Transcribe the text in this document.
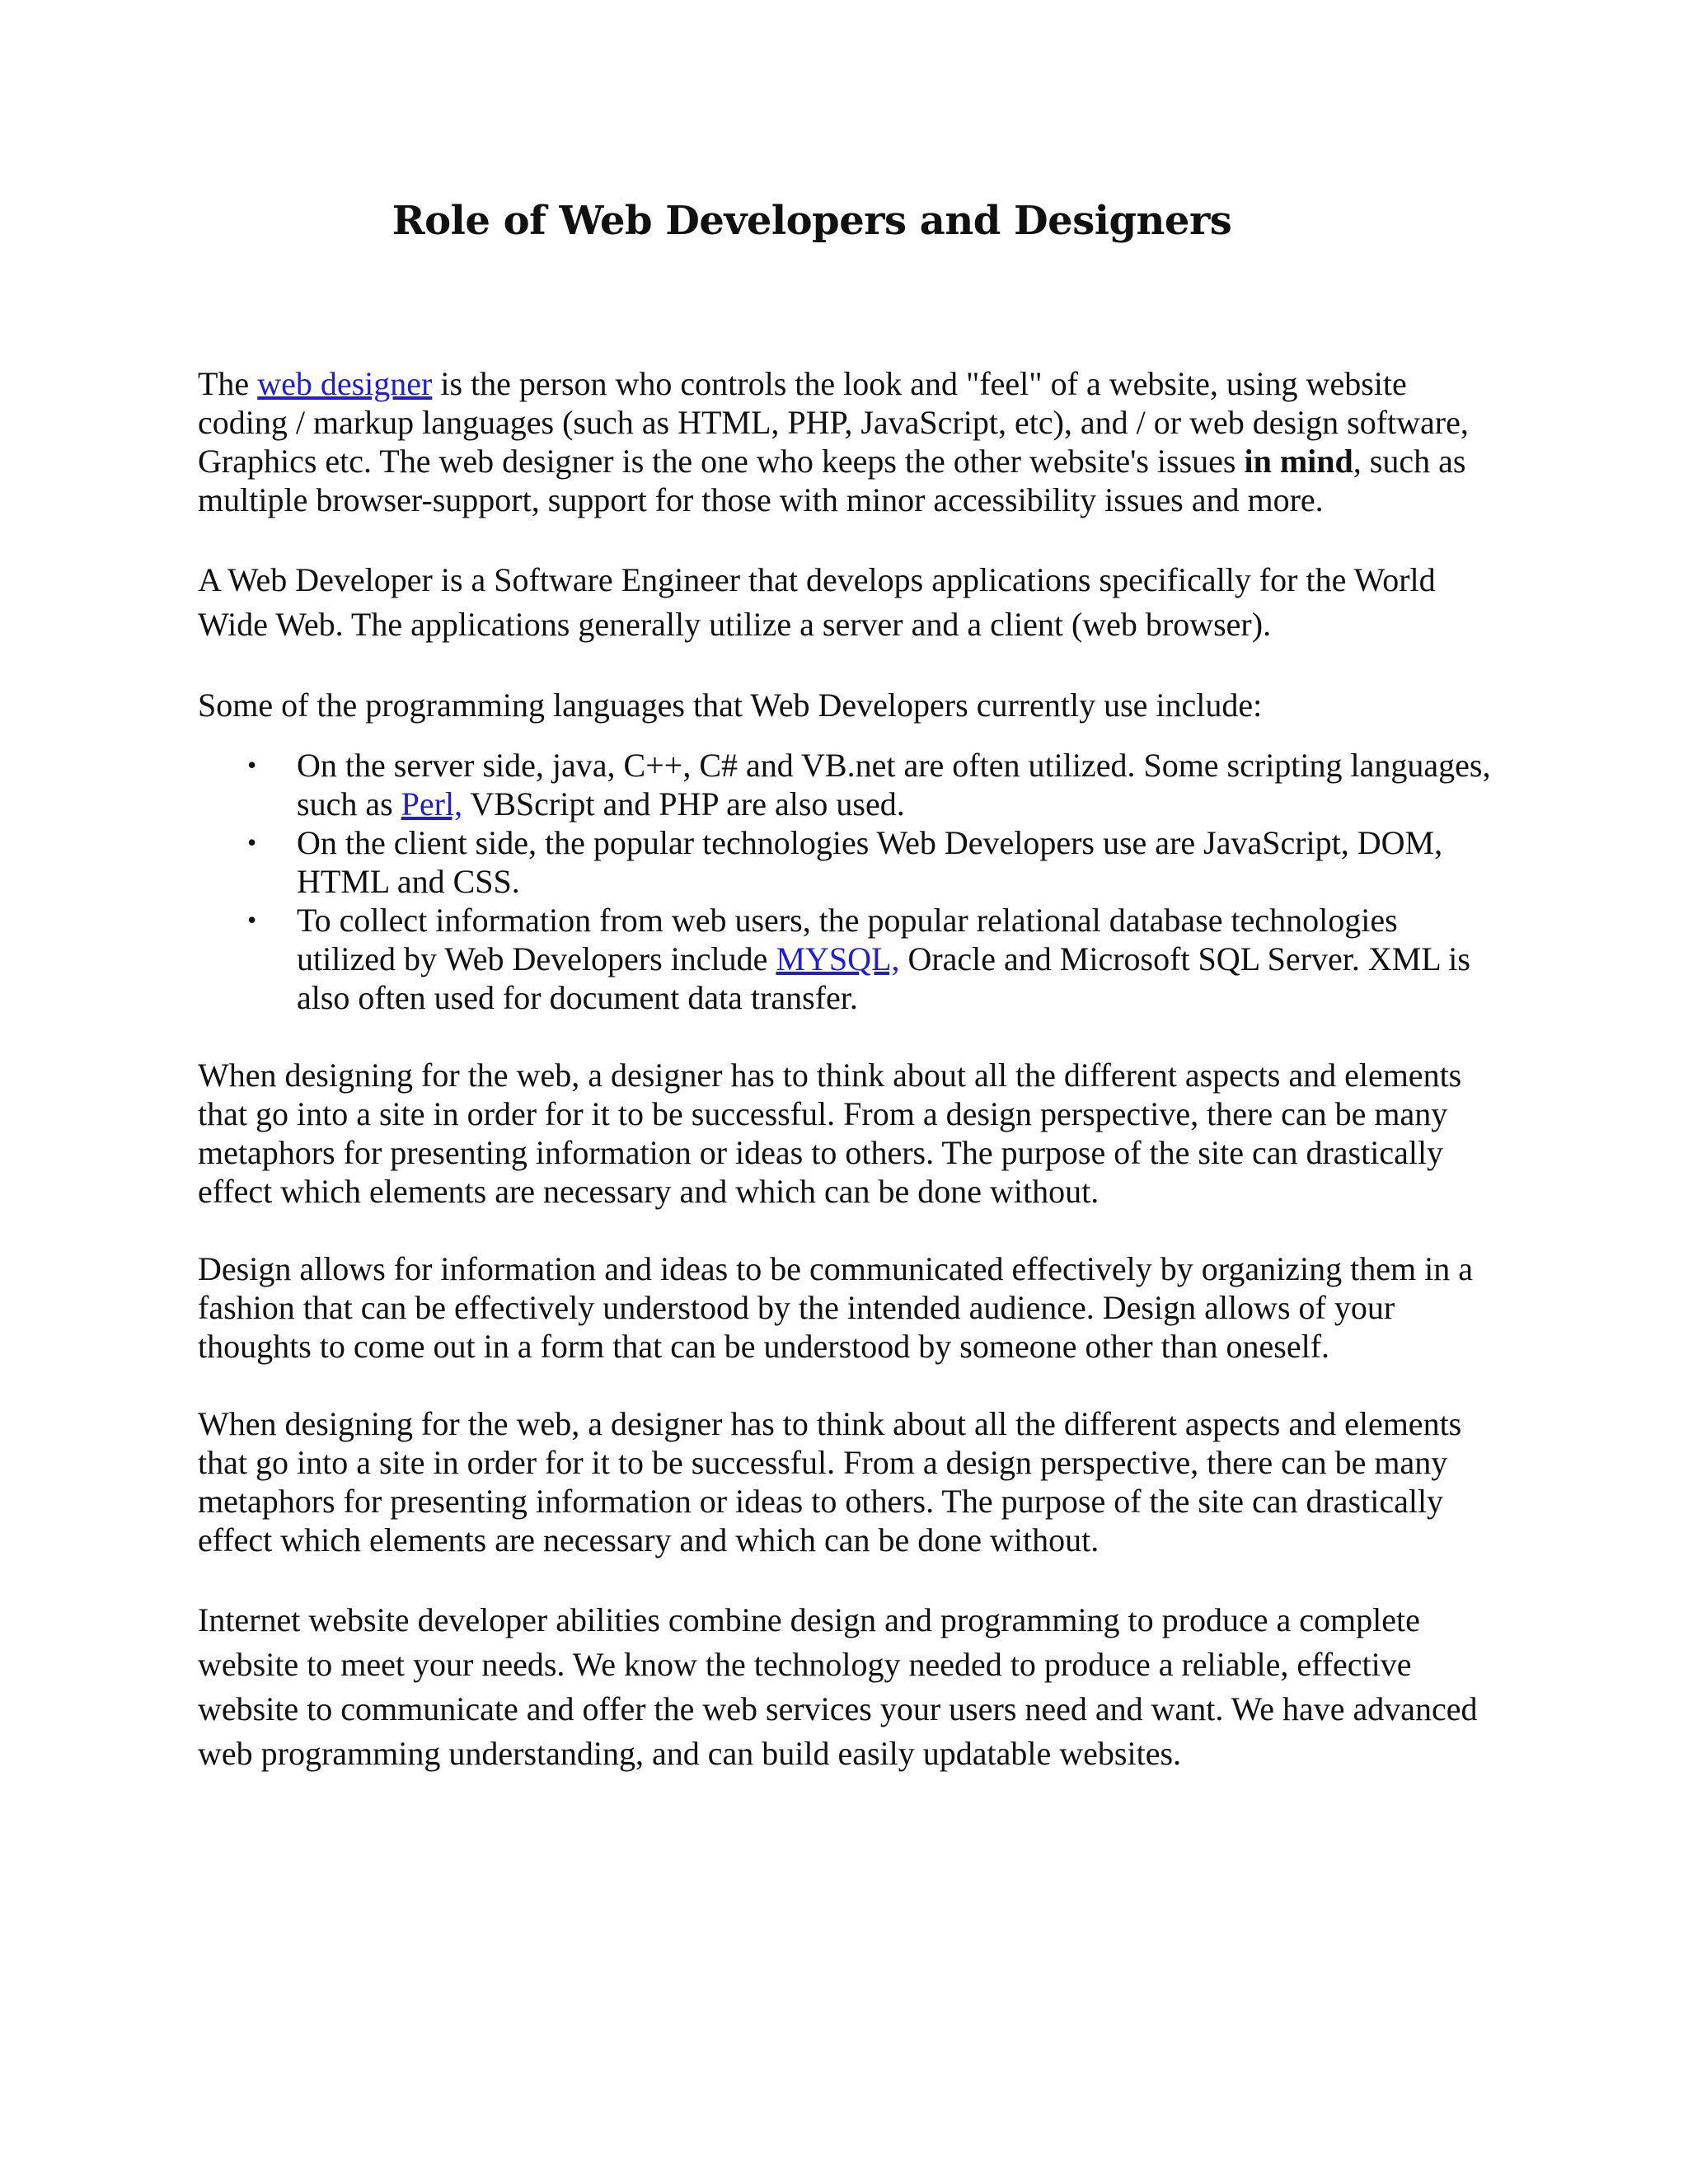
Role of Web Developers and Designers

The web designer is the person who controls the look and "feel" of a website, using website coding / markup languages (such as HTML, PHP, JavaScript, etc), and / or web design software, Graphics etc. The web designer is the one who keeps the other website's issues in mind, such as multiple browser-support, support for those with minor accessibility issues and more.

A Web Developer is a Software Engineer that develops applications specifically for the World Wide Web. The applications generally utilize a server and a client (web browser).

Some of the programming languages that Web Developers currently use include:

• On the server side, java, C++, C# and VB.net are often utilized. Some scripting languages, such as Perl, VBScript and PHP are also used.
• On the client side, the popular technologies Web Developers use are JavaScript, DOM, HTML and CSS.
• To collect information from web users, the popular relational database technologies utilized by Web Developers include MYSQL, Oracle and Microsoft SQL Server. XML is also often used for document data transfer.

When designing for the web, a designer has to think about all the different aspects and elements that go into a site in order for it to be successful. From a design perspective, there can be many metaphors for presenting information or ideas to others. The purpose of the site can drastically effect which elements are necessary and which can be done without.

Design allows for information and ideas to be communicated effectively by organizing them in a fashion that can be effectively understood by the intended audience. Design allows of your thoughts to come out in a form that can be understood by someone other than oneself.

When designing for the web, a designer has to think about all the different aspects and elements that go into a site in order for it to be successful. From a design perspective, there can be many metaphors for presenting information or ideas to others. The purpose of the site can drastically effect which elements are necessary and which can be done without.

Internet website developer abilities combine design and programming to produce a complete website to meet your needs. We know the technology needed to produce a reliable, effective website to communicate and offer the web services your users need and want. We have advanced web programming understanding, and can build easily updatable websites.
